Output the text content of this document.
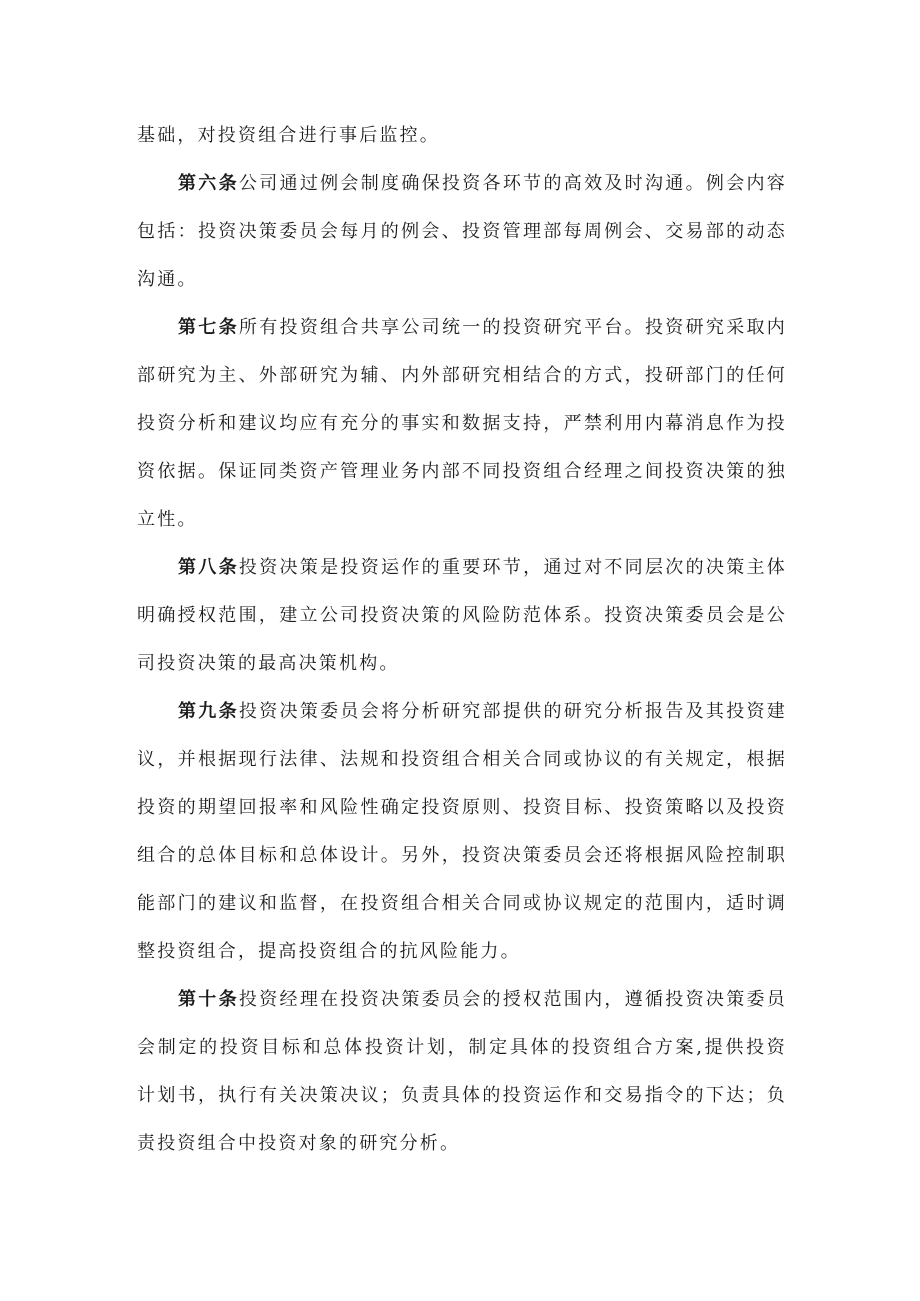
基础，对投资组合进行事后监控。

第六条公司通过例会制度确保投资各环节的高效及时沟通。例会内容包括：投资决策委员会每月的例会、投资管理部每周例会、交易部的动态沟通。

第七条所有投资组合共享公司统一的投资研究平台。投资研究采取内部研究为主、外部研究为辅、内外部研究相结合的方式，投研部门的任何投资分析和建议均应有充分的事实和数据支持，严禁利用内幕消息作为投资依据。保证同类资产管理业务内部不同投资组合经理之间投资决策的独立性。

第八条投资决策是投资运作的重要环节，通过对不同层次的决策主体明确授权范围，建立公司投资决策的风险防范体系。投资决策委员会是公司投资决策的最高决策机构。

第九条投资决策委员会将分析研究部提供的研究分析报告及其投资建议，并根据现行法律、法规和投资组合相关合同或协议的有关规定，根据投资的期望回报率和风险性确定投资原则、投资目标、投资策略以及投资组合的总体目标和总体设计。另外，投资决策委员会还将根据风险控制职能部门的建议和监督，在投资组合相关合同或协议规定的范围内，适时调整投资组合，提高投资组合的抗风险能力。

第十条投资经理在投资决策委员会的授权范围内，遵循投资决策委员会制定的投资目标和总体投资计划，制定具体的投资组合方案,提供投资计划书，执行有关决策决议；负责具体的投资运作和交易指令的下达；负责投资组合中投资对象的研究分析。
